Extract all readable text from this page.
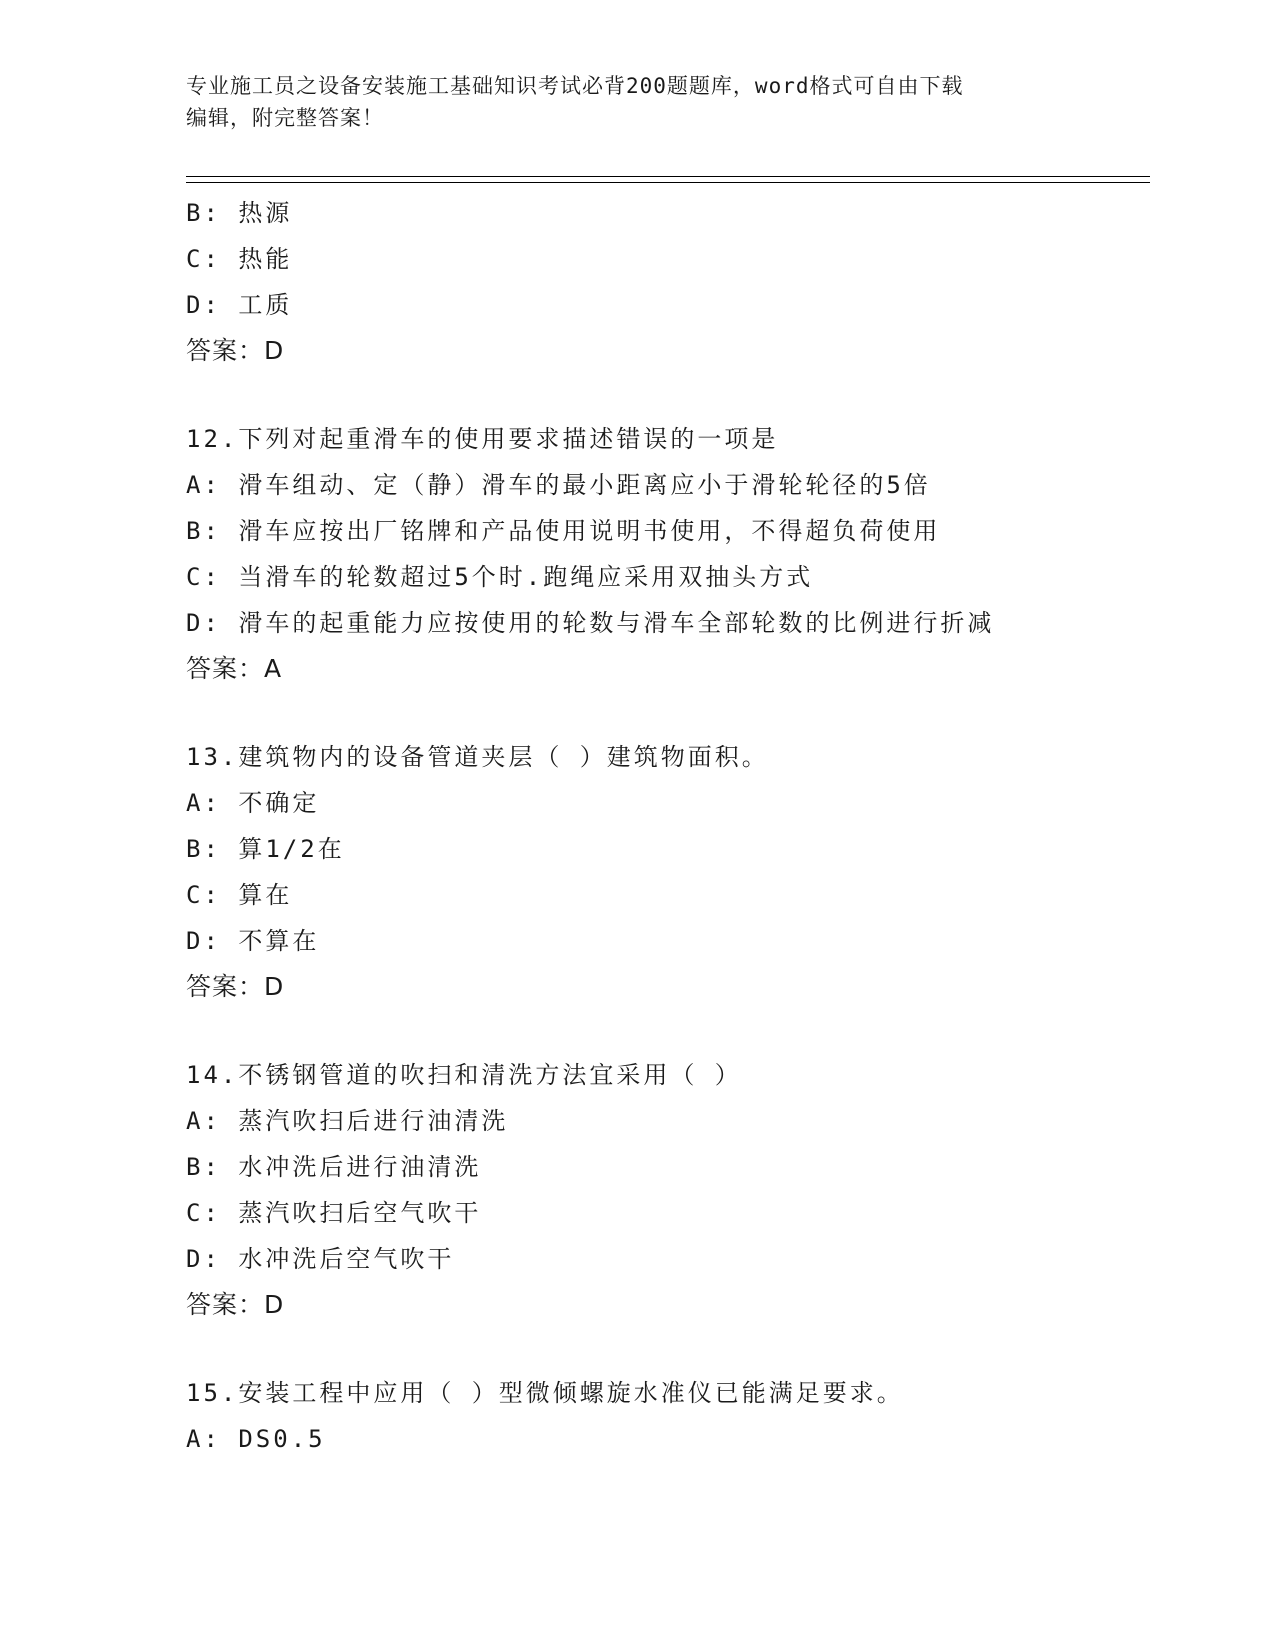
专业施工员之设备安装施工基础知识考试必背200题题库，word格式可自由下载
编辑，附完整答案！
B: 热源
C: 热能
D: 工质
答案：D
12.下列对起重滑车的使用要求描述错误的一项是
A: 滑车组动、定（静）滑车的最小距离应小于滑轮轮径的5倍
B: 滑车应按出厂铭牌和产品使用说明书使用，不得超负荷使用
C: 当滑车的轮数超过5个时.跑绳应采用双抽头方式
D: 滑车的起重能力应按使用的轮数与滑车全部轮数的比例进行折减
答案：A
13.建筑物内的设备管道夹层（ ）建筑物面积。
A: 不确定
B: 算1/2在
C: 算在
D: 不算在
答案：D
14.不锈钢管道的吹扫和清洗方法宜采用（ ）
A: 蒸汽吹扫后进行油清洗
B: 水冲洗后进行油清洗
C: 蒸汽吹扫后空气吹干
D: 水冲洗后空气吹干
答案：D
15.安装工程中应用（ ）型微倾螺旋水准仪已能满足要求。
A: DS0.5
